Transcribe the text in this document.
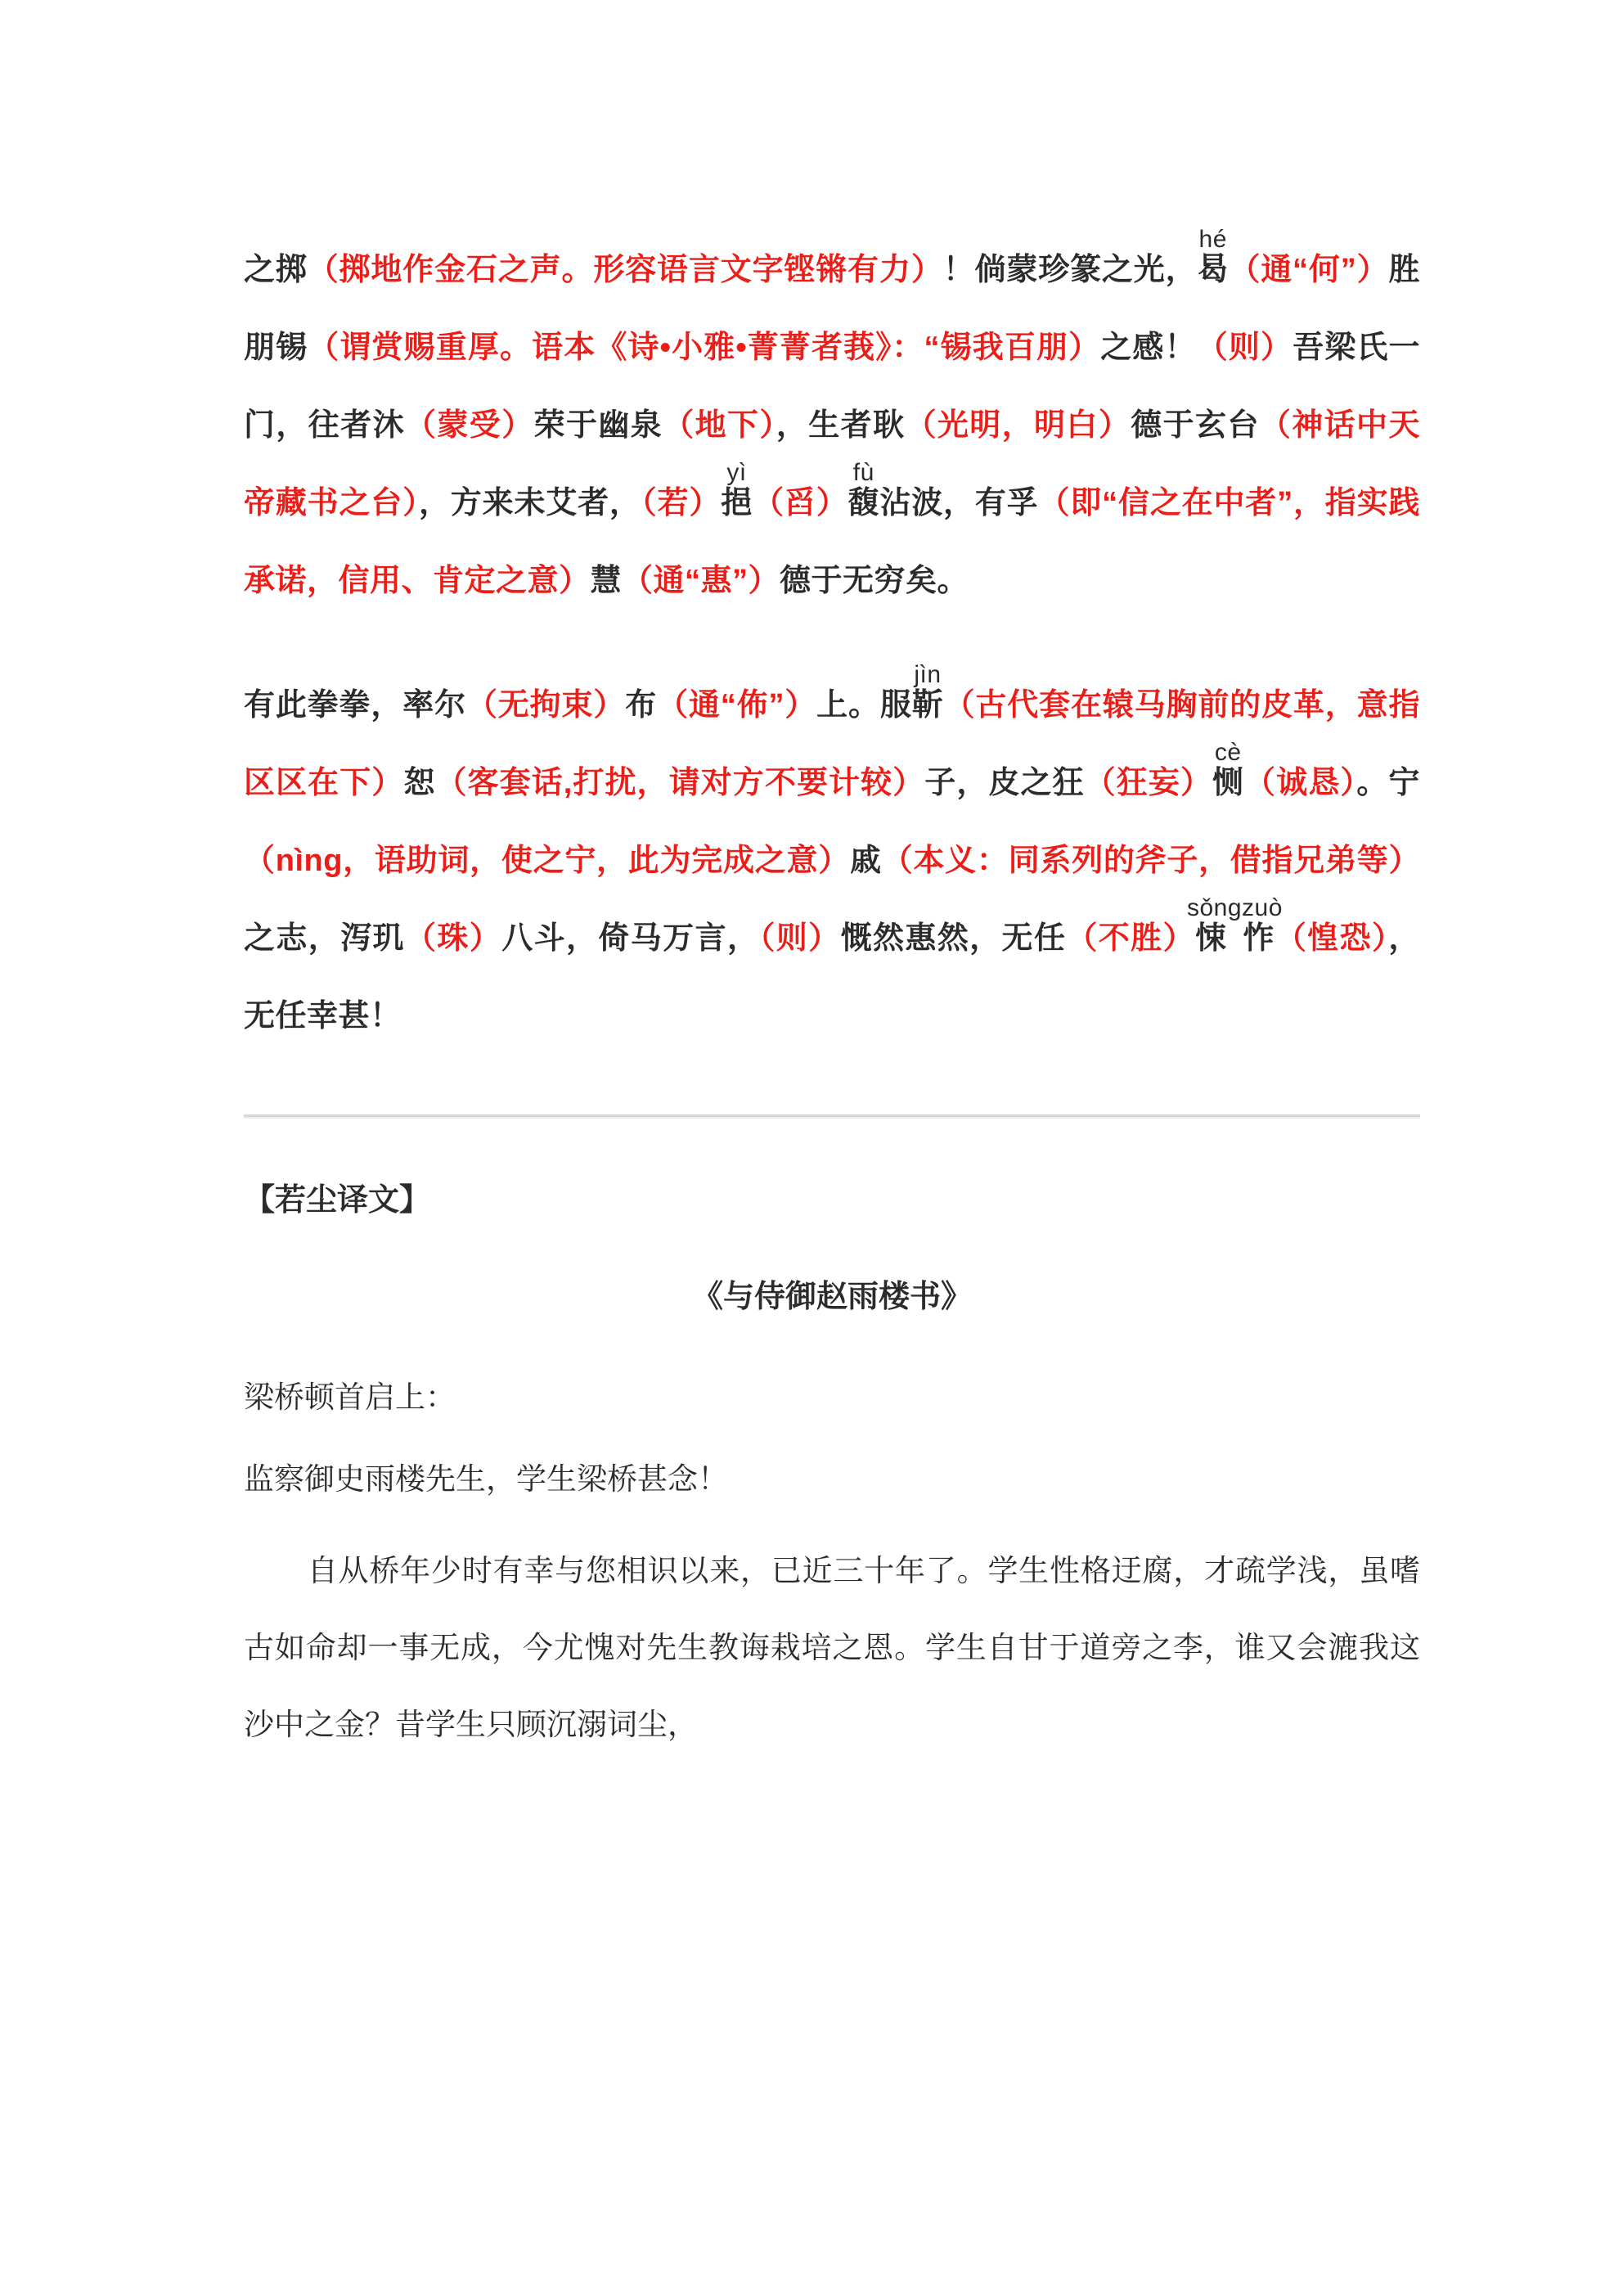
之掷（掷地作金石之声。形容语言文字铿锵有力）！倘蒙珍篆之光，曷hé（通“何”）胜朋锡（谓赏赐重厚。语本《诗•小雅•菁菁者莪》：“锡我百朋）之感！（则）吾梁氏一门，往者沐（蒙受）荣于幽泉（地下），生者耿（光明，明白）德于玄台（神话中天帝藏书之台），方来未艾者，（若）挹yì（舀）馥fù沾波，有孚（即“信之在中者”，指实践承诺，信用、肯定之意）慧（通“惠”）德于无穷矣。

有此拳拳，率尔（无拘束）布（通“佈”）上。服靳jìn（古代套在辕马胸前的皮革，意指区区在下）恕（客套话,打扰，请对方不要计较）子，皮之狂（狂妄）恻cè（诚恳）。宁（nìng，语助词，使之宁，此为完成之意）戚（本义：同系列的斧子，借指兄弟等）之志，泻玑（珠）八斗，倚马万言，（则）慨然惠然，无任（不胜）悚怍sǒngzuò（惶恐），无任幸甚！

【若尘译文】
《与侍御赵雨楼书》

梁桥顿首启上：

监察御史雨楼先生，学生梁桥甚念！

自从桥年少时有幸与您相识以来，已近三十年了。学生性格迂腐，才疏学浅，虽嗜古如命却一事无成，今尤愧对先生教诲栽培之恩。学生自甘于道旁之李，谁又会漉我这沙中之金？昔学生只顾沉溺词尘，
